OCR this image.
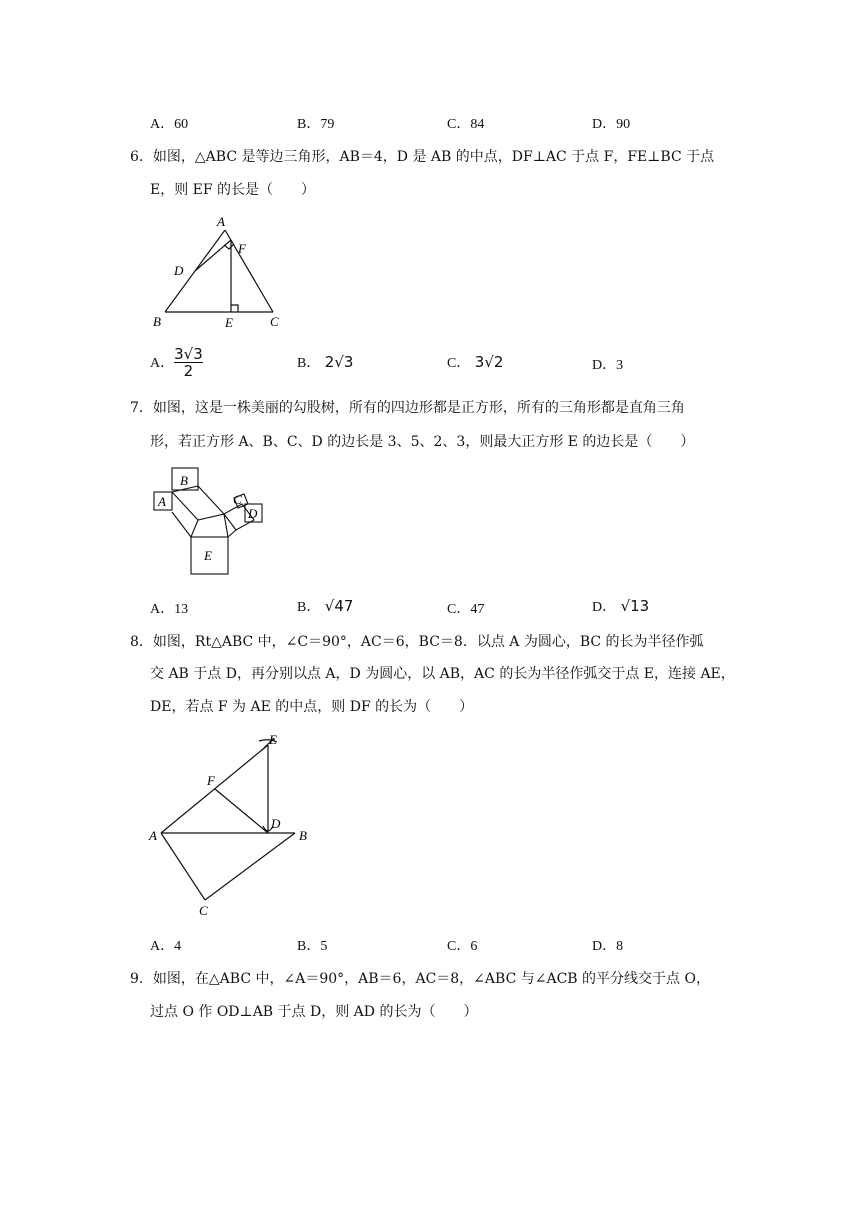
A．60	B．79	C．84	D．90
6．如图，△ABC 是等边三角形，AB＝4，D 是 AB 的中点，DF⊥AC 于点 F，FE⊥BC 于点
E，则 EF 的长是（　　）
A
B	C
D
E
F
A． $\frac{3√3}{2}$	B． 2√3	C． 3√2	D．3
7．如图，这是一株美丽的勾股树，所有的四边形都是正方形，所有的三角形都是直角三角
形，若正方形 A、B、C、D 的边长是 3、5、2、3，则最大正方形 E 的边长是（　　）
B
A	C
D
E
A．13	B． √47	C．47	D． √13
8．如图，Rt△ABC 中，∠C＝90°，AC＝6，BC＝8．以点 A 为圆心，BC 的长为半径作弧
交 AB 于点 D，再分别以点 A，D 为圆心，以 AB，AC 的长为半径作弧交于点 E，连接 AE，
DE，若点 F 为 AE 的中点，则 DF 的长为（　　）
A	B
C
D
E
F
A．4	B．5	C．6	D．8
9．如图，在△ABC 中，∠A＝90°，AB＝6，AC＝8，∠ABC 与∠ACB 的平分线交于点 O，
过点 O 作 OD⊥AB 于点 D，则 AD 的长为（　　）
